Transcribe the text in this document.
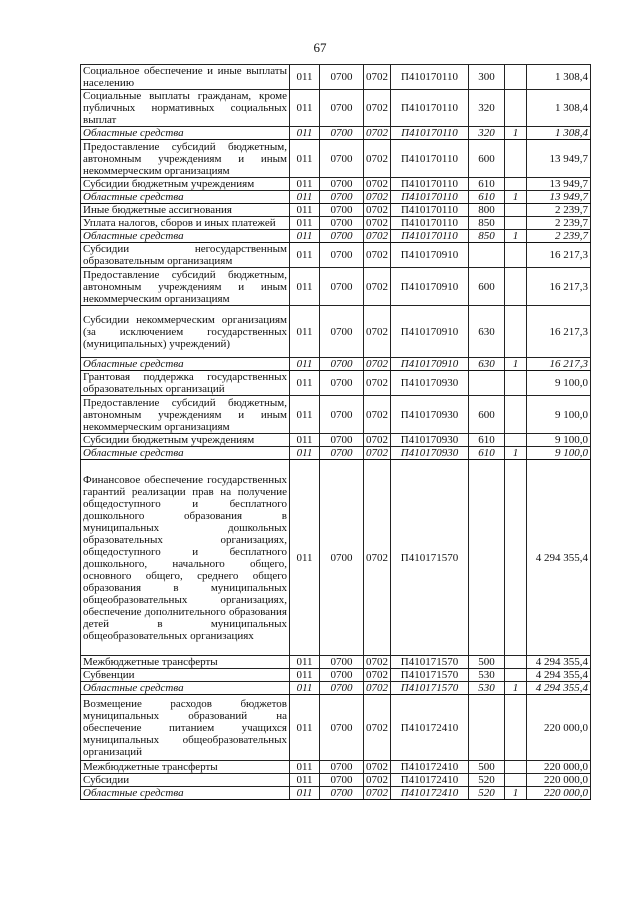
67
Социальное обеспечение и иные выплаты населению	011	0700	0702	П410170110	300		1 308,4
Социальные выплаты гражданам, кроме публичных нормативных социальных выплат	011	0700	0702	П410170110	320		1 308,4
Областные средства	011	0700	0702	П410170110	320	1	1 308,4
Предоставление субсидий бюджетным, автономным учреждениям и иным некоммерческим организациям	011	0700	0702	П410170110	600		13 949,7
Субсидии бюджетным учреждениям	011	0700	0702	П410170110	610		13 949,7
Областные средства	011	0700	0702	П410170110	610	1	13 949,7
Иные бюджетные ассигнования	011	0700	0702	П410170110	800		2 239,7
Уплата налогов, сборов и иных платежей	011	0700	0702	П410170110	850		2 239,7
Областные средства	011	0700	0702	П410170110	850	1	2 239,7
Субсидии негосударственным образовательным организациям	011	0700	0702	П410170910			16 217,3
Предоставление субсидий бюджетным, автономным учреждениям и иным некоммерческим организациям	011	0700	0702	П410170910	600		16 217,3
Субсидии некоммерческим организациям (за исключением государственных (муниципальных) учреждений)	011	0700	0702	П410170910	630		16 217,3
Областные средства	011	0700	0702	П410170910	630	1	16 217,3
Грантовая поддержка государственных образовательных организаций	011	0700	0702	П410170930			9 100,0
Предоставление субсидий бюджетным, автономным учреждениям и иным некоммерческим организациям	011	0700	0702	П410170930	600		9 100,0
Субсидии бюджетным учреждениям	011	0700	0702	П410170930	610		9 100,0
Областные средства	011	0700	0702	П410170930	610	1	9 100,0
Финансовое обеспечение государственных гарантий реализации прав на получение общедоступного и бесплатного дошкольного образования в муниципальных дошкольных образовательных организациях, общедоступного и бесплатного дошкольного, начального общего, основного общего, среднего общего образования в муниципальных общеобразовательных организациях, обеспечение дополнительного образования детей в муниципальных общеобразовательных организациях	011	0700	0702	П410171570			4 294 355,4
Межбюджетные трансферты	011	0700	0702	П410171570	500		4 294 355,4
Субвенции	011	0700	0702	П410171570	530		4 294 355,4
Областные средства	011	0700	0702	П410171570	530	1	4 294 355,4
Возмещение расходов бюджетов муниципальных образований на обеспечение питанием учащихся муниципальных общеобразовательных организаций	011	0700	0702	П410172410			220 000,0
Межбюджетные трансферты	011	0700	0702	П410172410	500		220 000,0
Субсидии	011	0700	0702	П410172410	520		220 000,0
Областные средства	011	0700	0702	П410172410	520	1	220 000,0
